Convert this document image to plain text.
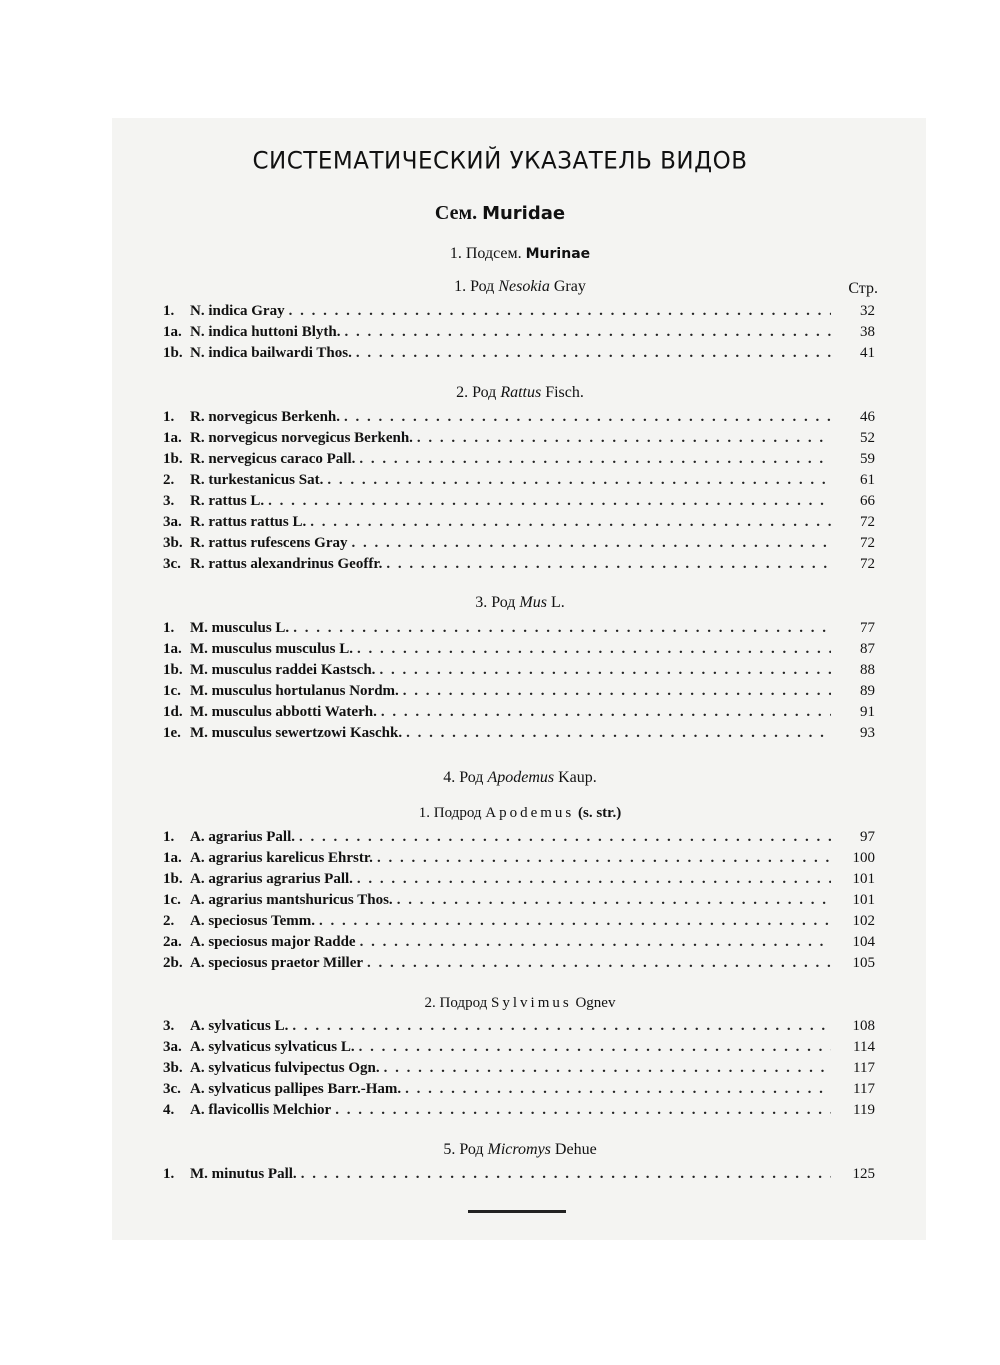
СИСТЕМАТИЧЕСКИЙ УКАЗАТЕЛЬ ВИДОВ
Сем. Muridae
1. Подсем. Murinae
1. Род Nesokia Gray	Стр.
1.	N. indica Gray . . .	32
1a. N. indica huttoni Blyth. . . .	38
1b. N. indica bailwardi Thos. . . .	41
2. Род Rattus Fisch.
1.	R. norvegicus Berkenh. . . .	46
1a. R. norvegicus norvegicus Berkenh. . . .	52
1b. R. nervegicus caraco Pall. . . .	59
2.	R. turkestanicus Sat. . . .	61
3.	R. rattus L. . . .	66
3a. R. rattus rattus L. . . .	72
3b. R. rattus rufescens Gray . . .	72
3c. R. rattus alexandrinus Geoffr. . . .	72
3. Род Mus L.
1.	M. musculus L. . . .	77
1a. M. musculus musculus L. . . .	87
1b. M. musculus raddei Kastsch. . . .	88
1c. M. musculus hortulanus Nordm. . . .	89
1d. M. musculus abbotti Waterh. . . .	91
1e. M. musculus sewertzowi Kaschk. . . .	93
4. Род Apodemus Kaup.
1. Подрод Apodemus (s. str.)
1.	A. agrarius Pall. . . .	97
1a. A. agrarius karelicus Ehrstr. . . .	100
1b. A. agrarius agrarius Pall. . . .	101
1c. A. agrarius mantshuricus Thos. . . .	101
2.	A. speciosus Temm. . . .	102
2a. A. speciosus major Radde . . .	104
2b. A. speciosus praetor Miller . . .	105
2. Подрод Sylvimus Ognev
3.	A. sylvaticus L. . . .	108
3a. A. sylvaticus sylvaticus L. . . .	114
3b. A. sylvaticus fulvipectus Ogn. . . .	117
3c. A. sylvaticus pallipes Barr.-Ham. . . .	117
4.	A. flavicollis Melchior . . .	119
5. Род Micromys Dehue
1.	M. minutus Pall. . . .	125
